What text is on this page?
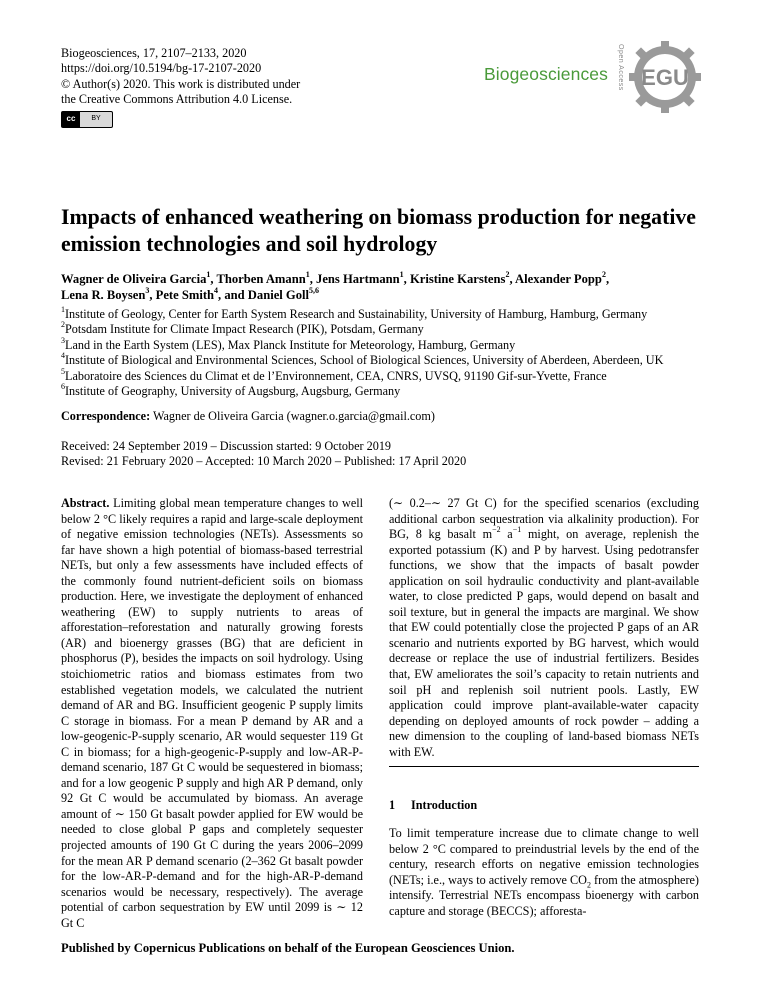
Biogeosciences, 17, 2107–2133, 2020
https://doi.org/10.5194/bg-17-2107-2020
© Author(s) 2020. This work is distributed under
the Creative Commons Attribution 4.0 License.
cc	BY
Biogeosciences Open Access EGU
Impacts of enhanced weathering on biomass production for negative
emission technologies and soil hydrology
Wagner de Oliveira Garcia$^1$, Thorben Amann$^1$, Jens Hartmann$^1$, Kristine Karstens$^2$, Alexander Popp$^2$,
Lena R. Boysen$^3$, Pete Smith$^4$, and Daniel Goll$^{5,6}$
$^1$Institute of Geology, Center for Earth System Research and Sustainability, University of Hamburg, Hamburg, Germany
$^2$Potsdam Institute for Climate Impact Research (PIK), Potsdam, Germany
$^3$Land in the Earth System (LES), Max Planck Institute for Meteorology, Hamburg, Germany
$^4$Institute of Biological and Environmental Sciences, School of Biological Sciences, University of Aberdeen, Aberdeen, UK
$^5$Laboratoire des Sciences du Climat et de l’Environnement, CEA, CNRS, UVSQ, 91190 Gif-sur-Yvette, France
$^6$Institute of Geography, University of Augsburg, Augsburg, Germany
Correspondence: Wagner de Oliveira Garcia (wagner.o.garcia@gmail.com)
Received: 24 September 2019 – Discussion started: 9 October 2019
Revised: 21 February 2020 – Accepted: 10 March 2020 – Published: 17 April 2020
Abstract. Limiting global mean temperature changes to well below 2 °C likely requires a rapid and large-scale deployment of negative emission technologies (NETs). Assessments so far have shown a high potential of biomass-based terrestrial NETs, but only a few assessments have included effects of the commonly found nutrient-deficient soils on biomass production. Here, we investigate the deployment of enhanced weathering (EW) to supply nutrients to areas of afforestation–reforestation and naturally growing forests (AR) and bioenergy grasses (BG) that are deficient in phosphorus (P), besides the impacts on soil hydrology. Using stoichiometric ratios and biomass estimates from two established vegetation models, we calculated the nutrient demand of AR and BG. Insufficient geogenic P supply limits C storage in biomass. For a mean P demand by AR and a low-geogenic-P-supply scenario, AR would sequester 119 Gt C in biomass; for a high-geogenic-P-supply and low-AR-P-demand scenario, 187 Gt C would be sequestered in biomass; and for a low geogenic P supply and high AR P demand, only 92 Gt C would be accumulated by biomass. An average amount of ∼ 150 Gt basalt powder applied for EW would be needed to close global P gaps and completely sequester projected amounts of 190 Gt C during the years 2006–2099 for the mean AR P demand scenario (2–362 Gt basalt powder for the low-AR-P-demand and for the high-AR-P-demand scenarios would be necessary, respectively). The average potential of carbon sequestration by EW until 2099 is ∼ 12 Gt C
(∼ 0.2–∼ 27 Gt C) for the specified scenarios (excluding additional carbon sequestration via alkalinity production). For BG, 8 kg basalt $m^{-2}$ $a^{-1}$ might, on average, replenish the exported potassium (K) and P by harvest. Using pedotransfer functions, we show that the impacts of basalt powder application on soil hydraulic conductivity and plant-available water, to close predicted P gaps, would depend on basalt and soil texture, but in general the impacts are marginal. We show that EW could potentially close the projected P gaps of an AR scenario and nutrients exported by BG harvest, which would decrease or replace the use of industrial fertilizers. Besides that, EW ameliorates the soil’s capacity to retain nutrients and soil pH and replenish soil nutrient pools. Lastly, EW application could improve plant-available-water capacity depending on deployed amounts of rock powder – adding a new dimension to the coupling of land-based biomass NETs with EW.
1 Introduction
To limit temperature increase due to climate change to well below 2 °C compared to preindustrial levels by the end of the century, research efforts on negative emission technologies (NETs; i.e., ways to actively remove $CO_2$ from the atmosphere) intensify. Terrestrial NETs encompass bioenergy with carbon capture and storage (BECCS); afforesta-
Published by Copernicus Publications on behalf of the European Geosciences Union.
